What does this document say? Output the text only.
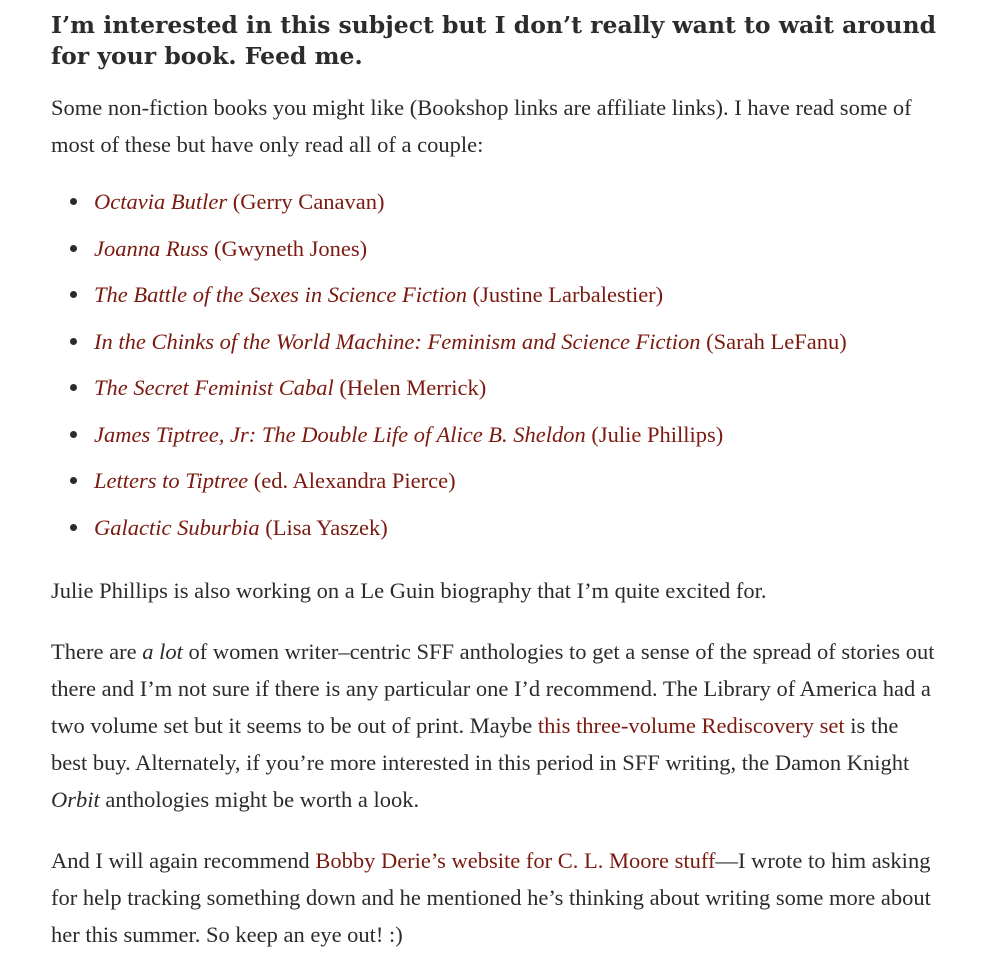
I’m interested in this subject but I don’t really want to wait around for your book. Feed me.

Some non-fiction books you might like (Bookshop links are affiliate links). I have read some of most of these but have only read all of a couple:

Octavia Butler (Gerry Canavan)
Joanna Russ (Gwyneth Jones)
The Battle of the Sexes in Science Fiction (Justine Larbalestier)
In the Chinks of the World Machine: Feminism and Science Fiction (Sarah LeFanu)
The Secret Feminist Cabal (Helen Merrick)
James Tiptree, Jr: The Double Life of Alice B. Sheldon (Julie Phillips)
Letters to Tiptree (ed. Alexandra Pierce)
Galactic Suburbia (Lisa Yaszek)

Julie Phillips is also working on a Le Guin biography that I’m quite excited for.

There are a lot of women writer–centric SFF anthologies to get a sense of the spread of stories out there and I’m not sure if there is any particular one I’d recommend. The Library of America had a two volume set but it seems to be out of print. Maybe this three-volume Rediscovery set is the best buy. Alternately, if you’re more interested in this period in SFF writing, the Damon Knight Orbit anthologies might be worth a look.

And I will again recommend Bobby Derie’s website for C. L. Moore stuff—I wrote to him asking for help tracking something down and he mentioned he’s thinking about writing some more about her this summer. So keep an eye out! :)
